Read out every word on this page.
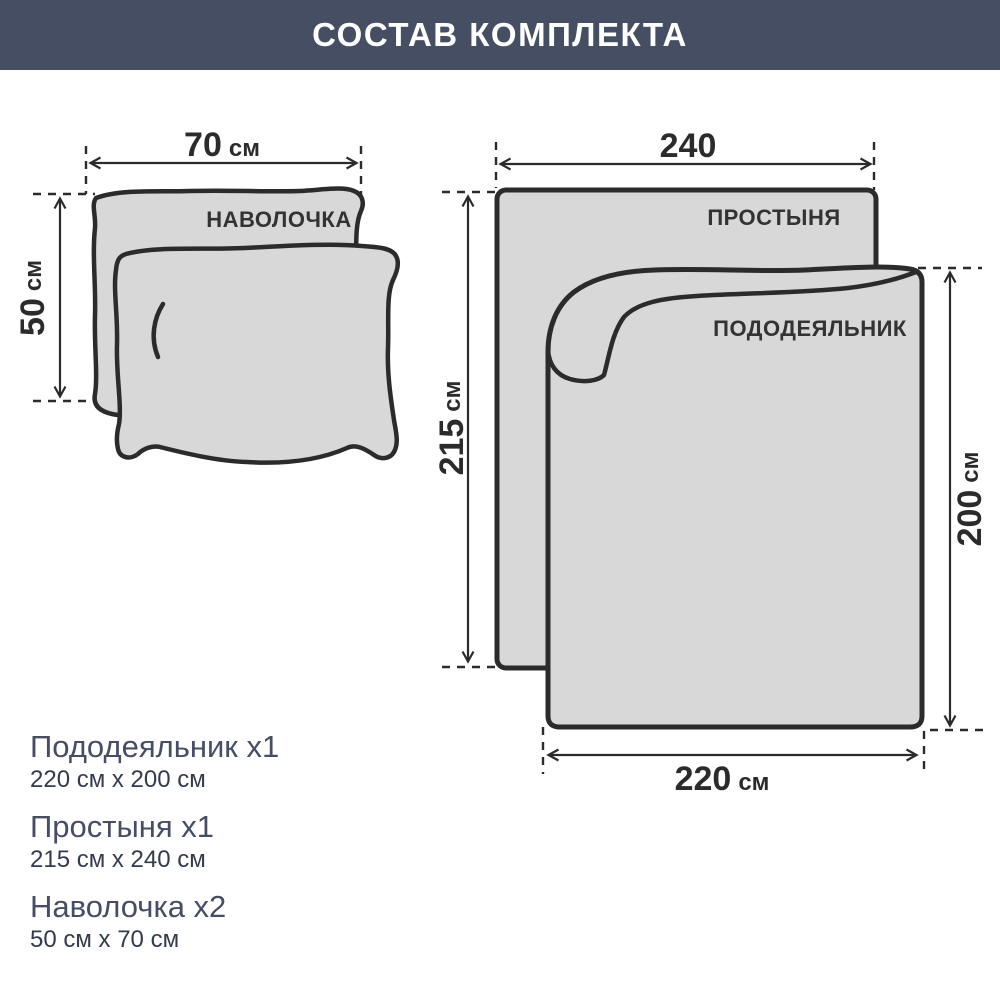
СОСТАВ КОМПЛЕКТА
НАВОЛОЧКА	ПРОСТЫНЯ
ПОДОДЕЯЛЬНИК
70 см
50см
240
215см
200см
220 см
Пододеяльник x1
220 см x 200 см
Простыня x1
215 см x 240 см
Наволочка x2
50 см x 70 см
